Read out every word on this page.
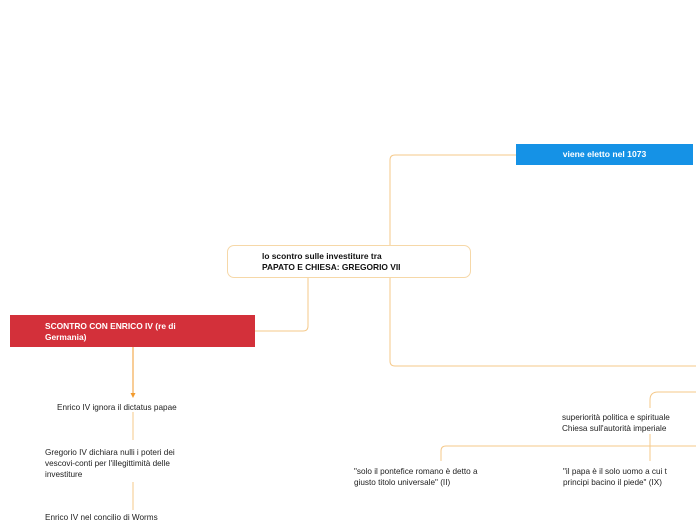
lo scontro sulle investiture tra
PAPATO E CHIESA: GREGORIO VII
viene eletto nel 1073
SCONTRO CON ENRICO IV (re di
Germania)
Enrico IV ignora il dictatus papae
Gregorio IV dichiara nulli i poteri dei
vescovi-conti per l'illegittimità delle
investiture
Enrico IV nel concilio di Worms
superiorità politica e spirituale
Chiesa sull'autorità imperiale
"solo il pontefice romano è detto a
giusto titolo universale" (II)
"il papa è il solo uomo a cui t
principi bacino il piede" (IX)
